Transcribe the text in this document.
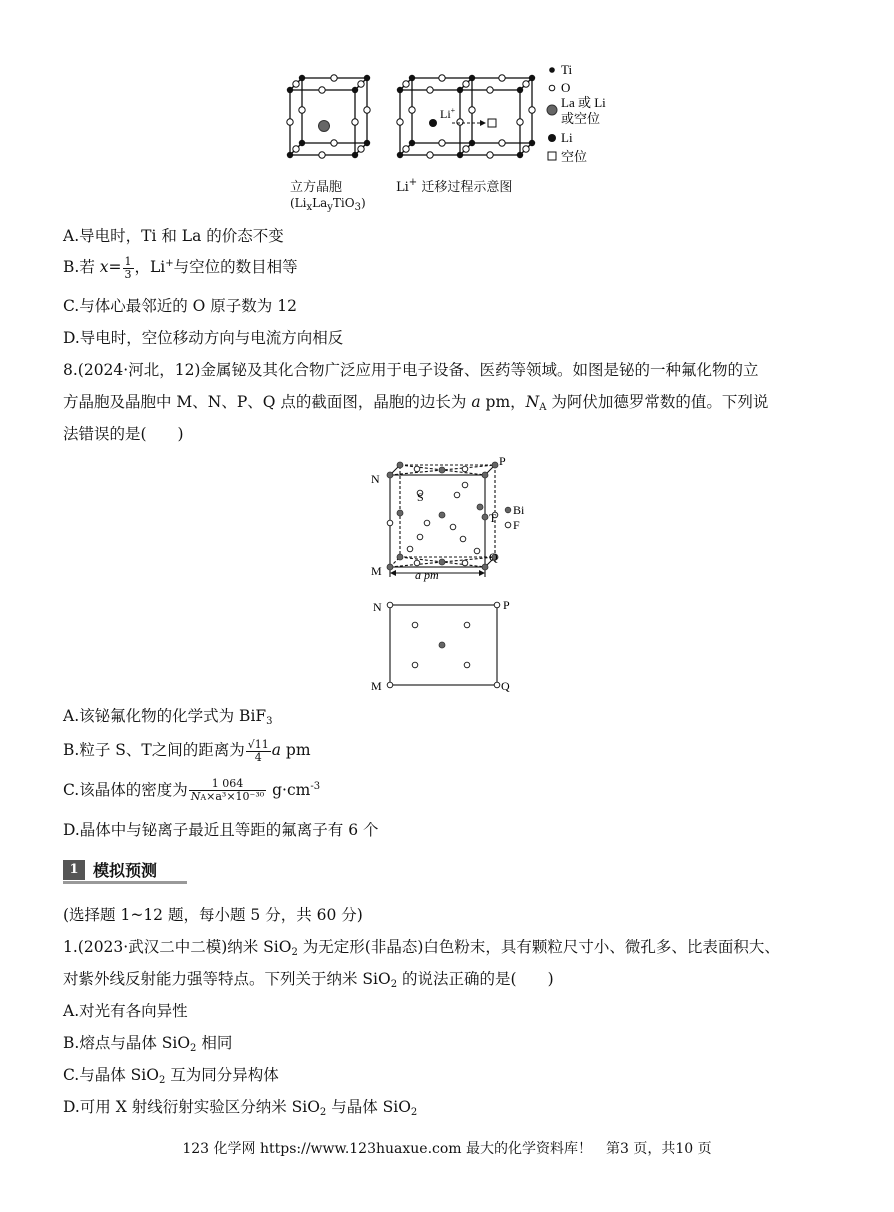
Li+
Ti
O
La 或 Li
或空位
Li
空位
立方晶胞
$(Li_xLa_yTiO_3)$
Li+ 迁移过程示意图
A.导电时，Ti 和 La 的价态不变
B.若 $x= \frac{1}{3}$ ，Li+与空位的数目相等
C.与体心最邻近的 O 原子数为 12
D.导电时，空位移动方向与电流方向相反
8.(2024·河北，12)金属铋及其化合物广泛应用于电子设备、医药等领域。如图是铋的一种氟化物的立
方晶胞及晶胞中 M、N、P、Q 点的截面图，晶胞的边长为 a pm，$N_A$ 为阿伏加德罗常数的值。下列说
法错误的是(　　)
a pm
N
P
M
Q
S
T
Bi
F
N	P
M	Q
A.该铋氟化物的化学式为 BiF$_3$
B.粒子 S、T之间的距离为 $\frac{√11}{4}$ a pm
C.该晶体的密度为 $\frac{1 064}{\text{NA×a³×10⁻³⁰}} g\cdot cm^{-3}$
D.晶体中与铋离子最近且等距的氟离子有 6 个
1 模拟预测
(选择题 1~12 题，每小题 5 分，共 60 分)
1.(2023·武汉二中二模)纳米 SiO$_2$ 为无定形(非晶态)白色粉末，具有颗粒尺寸小、微孔多、比表面积大、
对紫外线反射能力强等特点。下列关于纳米 SiO$_2$ 的说法正确的是(　　)
A.对光有各向异性
B.熔点与晶体 SiO$_2$ 相同
C.与晶体 SiO$_2$ 互为同分异构体
D.可用 X 射线衍射实验区分纳米 SiO$_2$ 与晶体 SiO$_2$
123 化学网 https://www.123huaxue.com 最大的化学资料库！　第3 页，共10 页
